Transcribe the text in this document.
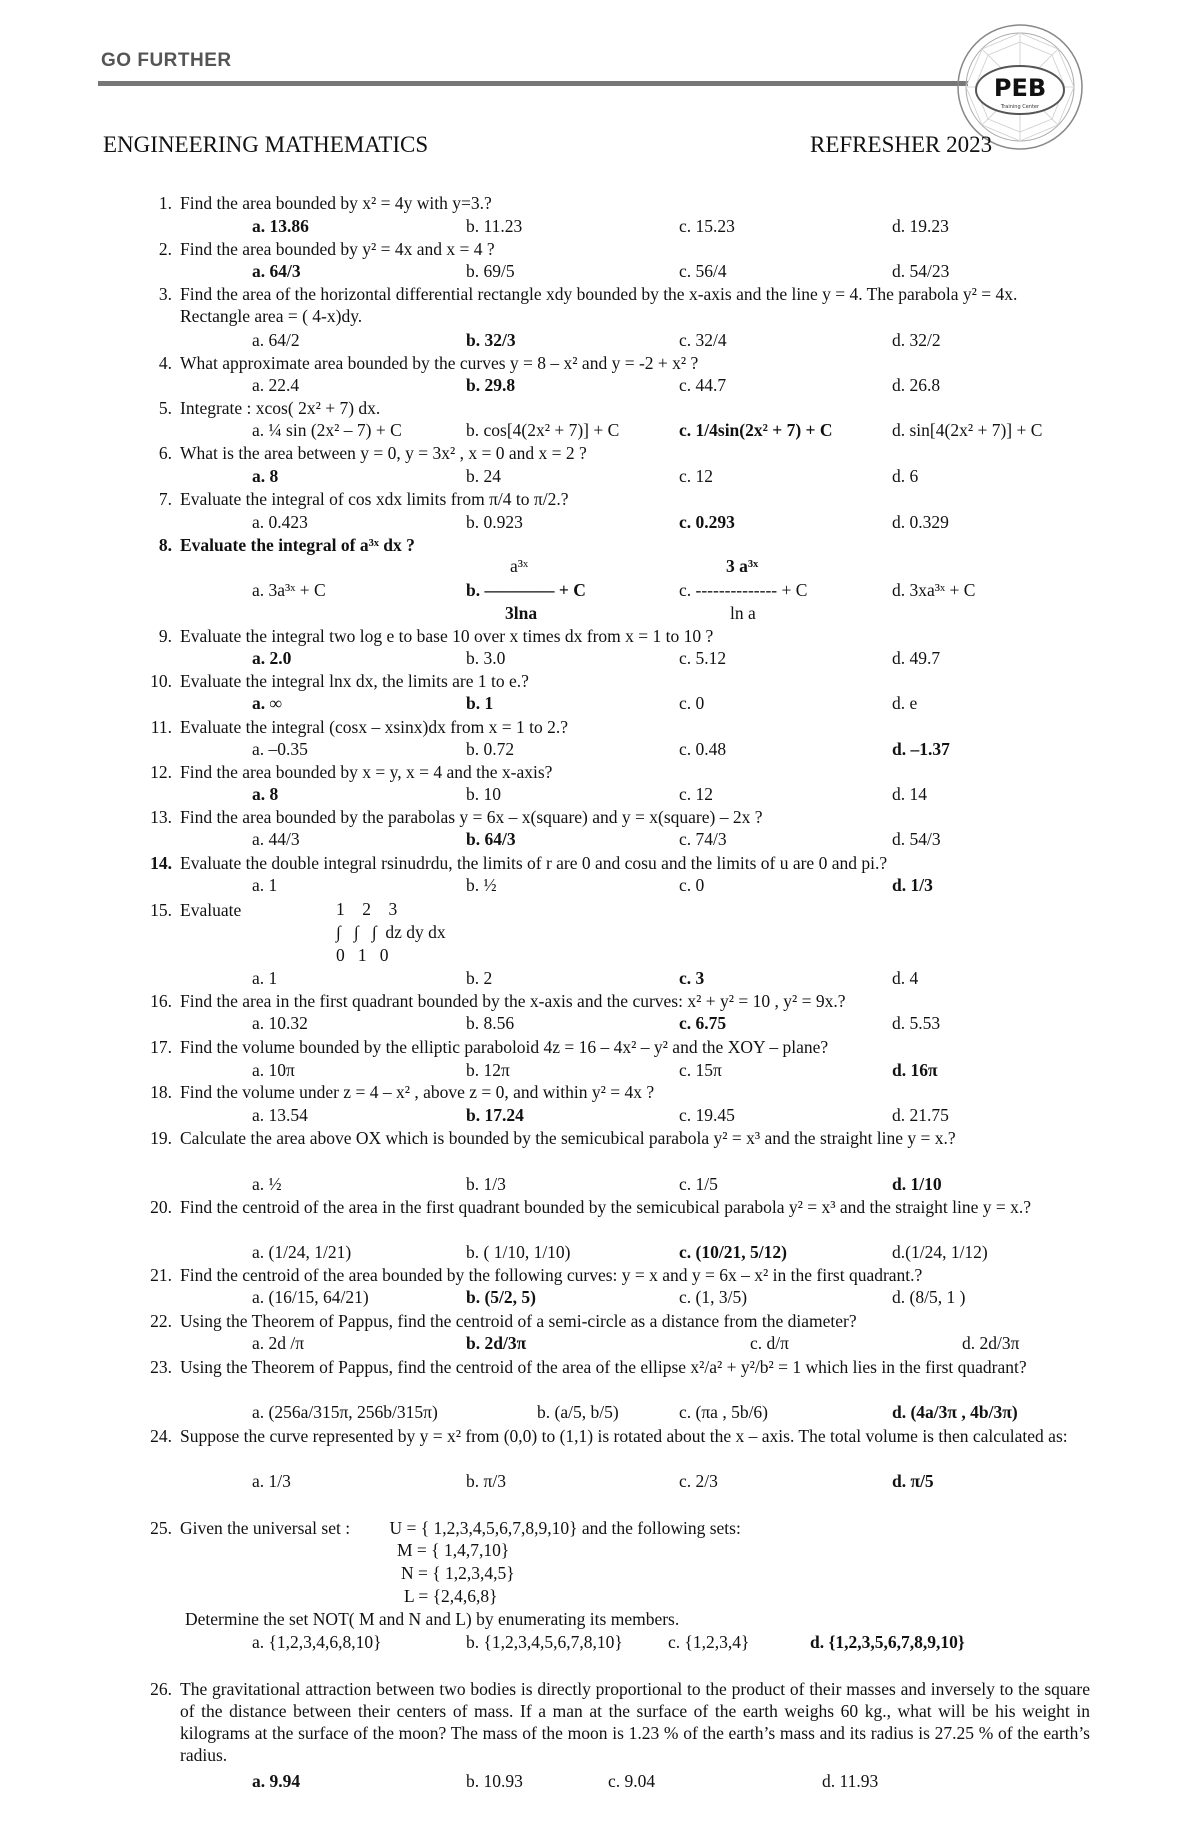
GO FURTHER
PEB
Training Center
ENGINEERING MATHEMATICS	REFRESHER 2023
1. Find the area bounded by x² = 4y with y=3.?
a. 13.86	b. 11.23	c. 15.23	d. 19.23
2. Find the area bounded by y² = 4x and x = 4 ?
a. 64/3	b. 69/5	c. 56/4	d. 54/23
3. Find the area of the horizontal differential rectangle xdy bounded by the x-axis and the line y = 4. The parabola y² = 4x. Rectangle area = ( 4-x)dy.
a. 64/2	b. 32/3	c. 32/4	d. 32/2
4. What approximate area bounded by the curves y = 8 – x² and y = -2 + x² ?
a. 22.4	b. 29.8	c. 44.7	d. 26.8
5. Integrate : xcos( 2x² + 7) dx.
a. ¼ sin (2x² – 7) + C	b. cos[4(2x² + 7)] + C	c. 1/4sin(2x² + 7) + C	d. sin[4(2x² + 7)] + C
6. What is the area between y = 0, y = 3x² , x = 0 and x = 2 ?
a. 8	b. 24	c. 12	d. 6
7. Evaluate the integral of cos xdx limits from π/4 to π/2.?
a. 0.423	b. 0.923	c. 0.293	d. 0.329
8. Evaluate the integral of a³ˣ dx ?
a³ˣ	3 a³ˣ
a. 3a³ˣ + C	b. –––––––– + C	c. -------------- + C	d. 3xa³ˣ + C
3lna	ln a
9. Evaluate the integral two log e to base 10 over x times dx from x = 1 to 10 ?
a. 2.0	b. 3.0	c. 5.12	d. 49.7
10. Evaluate the integral lnx dx, the limits are 1 to e.?
a. ∞	b. 1	c. 0	d. e
11. Evaluate the integral (cosx – xsinx)dx from x = 1 to 2.?
a. –0.35	b. 0.72	c. 0.48	d. –1.37
12. Find the area bounded by x = y, x = 4 and the x-axis?
a. 8	b. 10	c. 12	d. 14
13. Find the area bounded by the parabolas y = 6x – x(square) and y = x(square) – 2x ?
a. 44/3	b. 64/3	c. 74/3	d. 54/3
14. Evaluate the double integral rsinudrdu, the limits of r are 0 and cosu and the limits of u are 0 and pi.?
a. 1	b. ½	c. 0	d. 1/3
15. Evaluate	1    2    3
∫   ∫   ∫  dz dy dx
0   1   0
a. 1	b. 2	c. 3	d. 4
16. Find the area in the first quadrant bounded by the x-axis and the curves: x² + y² = 10 , y² = 9x.?
a. 10.32	b. 8.56	c. 6.75	d. 5.53
17. Find the volume bounded by the elliptic paraboloid 4z = 16 – 4x² – y² and the XOY – plane?
a. 10π	b. 12π	c. 15π	d. 16π
18. Find the volume under z = 4 – x² , above z = 0, and within y² = 4x ?
a. 13.54	b. 17.24	c. 19.45	d. 21.75
19. Calculate the area above OX which is bounded by the semicubical parabola y² = x³ and the straight line y = x.?
a. ½	b. 1/3	c. 1/5	d. 1/10
20. Find the centroid of the area in the first quadrant bounded by the semicubical parabola y² = x³ and the straight line y = x.?
a. (1/24, 1/21)	b. ( 1/10, 1/10)	c. (10/21, 5/12)	d.(1/24, 1/12)
21. Find the centroid of the area bounded by the following curves: y = x and y = 6x – x² in the first quadrant.?
a. (16/15, 64/21)	b. (5/2, 5)	c. (1, 3/5)	d. (8/5, 1 )
22. Using the Theorem of Pappus, find the centroid of a semi-circle as a distance from the diameter?
a. 2d /π	b. 2d/3π	c. d/π	d. 2d/3π
23. Using the Theorem of Pappus, find the centroid of the area of the ellipse x²/a² + y²/b² = 1 which lies in the first quadrant?
a. (256a/315π, 256b/315π)	b. (a/5, b/5)	c. (πa , 5b/6)	d. (4a/3π , 4b/3π)
24. Suppose the curve represented by y = x² from (0,0) to (1,1) is rotated about the x – axis. The total volume is then calculated as:
a. 1/3	b. π/3	c. 2/3	d. π/5
25. Given the universal set :         U = { 1,2,3,4,5,6,7,8,9,10} and the following sets:
M = { 1,4,7,10}
N = { 1,2,3,4,5}
L = {2,4,6,8}
Determine the set NOT( M and N and L) by enumerating its members.
a. {1,2,3,4,6,8,10}	b. {1,2,3,4,5,6,7,8,10}	c. {1,2,3,4}	d. {1,2,3,5,6,7,8,9,10}
26. The gravitational attraction between two bodies is directly proportional to the product of their masses and inversely to the square of the distance between their centers of mass. If a man at the surface of the earth weighs 60 kg., what will be his weight in kilograms at the surface of the moon? The mass of the moon is 1.23 % of the earth’s mass and its radius is 27.25 % of the earth’s radius.
a. 9.94	b. 10.93	c. 9.04	d. 11.93
